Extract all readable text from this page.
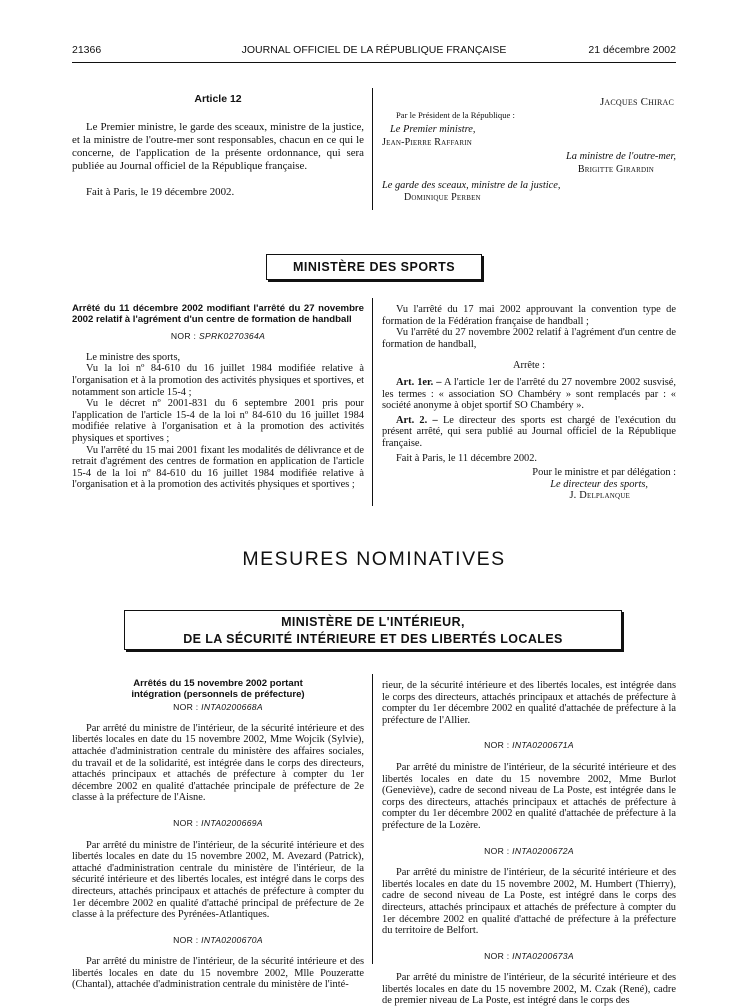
21366	JOURNAL OFFICIEL DE LA RÉPUBLIQUE FRANÇAISE	21 décembre 2002
Article 12

Le Premier ministre, le garde des sceaux, ministre de la justice, et la ministre de l'outre-mer sont responsables, chacun en ce qui le concerne, de l'application de la présente ordonnance, qui sera publiée au Journal officiel de la République française.

Fait à Paris, le 19 décembre 2002.

Jacques Chirac
Par le Président de la République :
Le Premier ministre,
Jean-Pierre Raffarin
La ministre de l'outre-mer,
Brigitte Girardin
Le garde des sceaux, ministre de la justice,
Dominique Perben
MINISTÈRE DES SPORTS
Arrêté du 11 décembre 2002 modifiant l'arrêté du 27 novembre 2002 relatif à l'agrément d'un centre de formation de handball

NOR : SPRK0270364A

Le ministre des sports,

Vu la loi nº 84-610 du 16 juillet 1984 modifiée relative à l'organisation et à la promotion des activités physiques et sportives, et notamment son article 15-4 ;

Vu le décret nº 2001-831 du 6 septembre 2001 pris pour l'application de l'article 15-4 de la loi nº 84-610 du 16 juillet 1984 modifiée relative à l'organisation et à la promotion des activités physiques et sportives ;

Vu l'arrêté du 15 mai 2001 fixant les modalités de délivrance et de retrait d'agrément des centres de formation en application de l'article 15-4 de la loi nº 84-610 du 16 juillet 1984 modifiée relative à l'organisation et à la promotion des activités physiques et sportives ;

Vu l'arrêté du 17 mai 2002 approuvant la convention type de formation de la Fédération française de handball ;

Vu l'arrêté du 27 novembre 2002 relatif à l'agrément d'un centre de formation de handball,

Arrête :

Art. 1er. – A l'article 1er de l'arrêté du 27 novembre 2002 susvisé, les termes : « association SO Chambéry » sont remplacés par : « société anonyme à objet sportif SO Chambéry ».

Art. 2. – Le directeur des sports est chargé de l'exécution du présent arrêté, qui sera publié au Journal officiel de la République française.

Fait à Paris, le 11 décembre 2002.

Pour le ministre et par délégation :
Le directeur des sports,
J. Delplanque
MESURES NOMINATIVES
MINISTÈRE DE L'INTÉRIEUR,
DE LA SÉCURITÉ INTÉRIEURE ET DES LIBERTÉS LOCALES
Arrêtés du 15 novembre 2002 portant intégration (personnels de préfecture)

NOR : INTA0200668A

Par arrêté du ministre de l'intérieur, de la sécurité intérieure et des libertés locales en date du 15 novembre 2002, Mme Wojcik (Sylvie), attachée d'administration centrale du ministère des affaires sociales, du travail et de la solidarité, est intégrée dans le corps des directeurs, attachés principaux et attachés de préfecture à compter du 1er décembre 2002 en qualité d'attachée principale de préfecture de 2e classe à la préfecture de l'Aisne.

NOR : INTA0200669A

Par arrêté du ministre de l'intérieur, de la sécurité intérieure et des libertés locales en date du 15 novembre 2002, M. Avezard (Patrick), attaché d'administration centrale du ministère de l'intérieur, de la sécurité intérieure et des libertés locales, est intégré dans le corps des directeurs, attachés principaux et attachés de préfecture à compter du 1er décembre 2002 en qualité d'attaché principal de préfecture de 2e classe à la préfecture des Pyrénées-Atlantiques.

NOR : INTA0200670A

Par arrêté du ministre de l'intérieur, de la sécurité intérieure et des libertés locales en date du 15 novembre 2002, Mlle Pouzeratte (Chantal), attachée d'administration centrale du ministère de l'inté-

rieur, de la sécurité intérieure et des libertés locales, est intégrée dans le corps des directeurs, attachés principaux et attachés de préfecture à compter du 1er décembre 2002 en qualité d'attachée de préfecture à la préfecture de l'Allier.

NOR : INTA0200671A

Par arrêté du ministre de l'intérieur, de la sécurité intérieure et des libertés locales en date du 15 novembre 2002, Mme Burlot (Geneviève), cadre de second niveau de La Poste, est intégrée dans le corps des directeurs, attachés principaux et attachés de préfecture à compter du 1er décembre 2002 en qualité d'attachée de préfecture à la préfecture de la Lozère.

NOR : INTA0200672A

Par arrêté du ministre de l'intérieur, de la sécurité intérieure et des libertés locales en date du 15 novembre 2002, M. Humbert (Thierry), cadre de second niveau de La Poste, est intégré dans le corps des directeurs, attachés principaux et attachés de préfecture à compter du 1er décembre 2002 en qualité d'attaché de préfecture à la préfecture du territoire de Belfort.

NOR : INTA0200673A

Par arrêté du ministre de l'intérieur, de la sécurité intérieure et des libertés locales en date du 15 novembre 2002, M. Czak (René), cadre de premier niveau de La Poste, est intégré dans le corps des
